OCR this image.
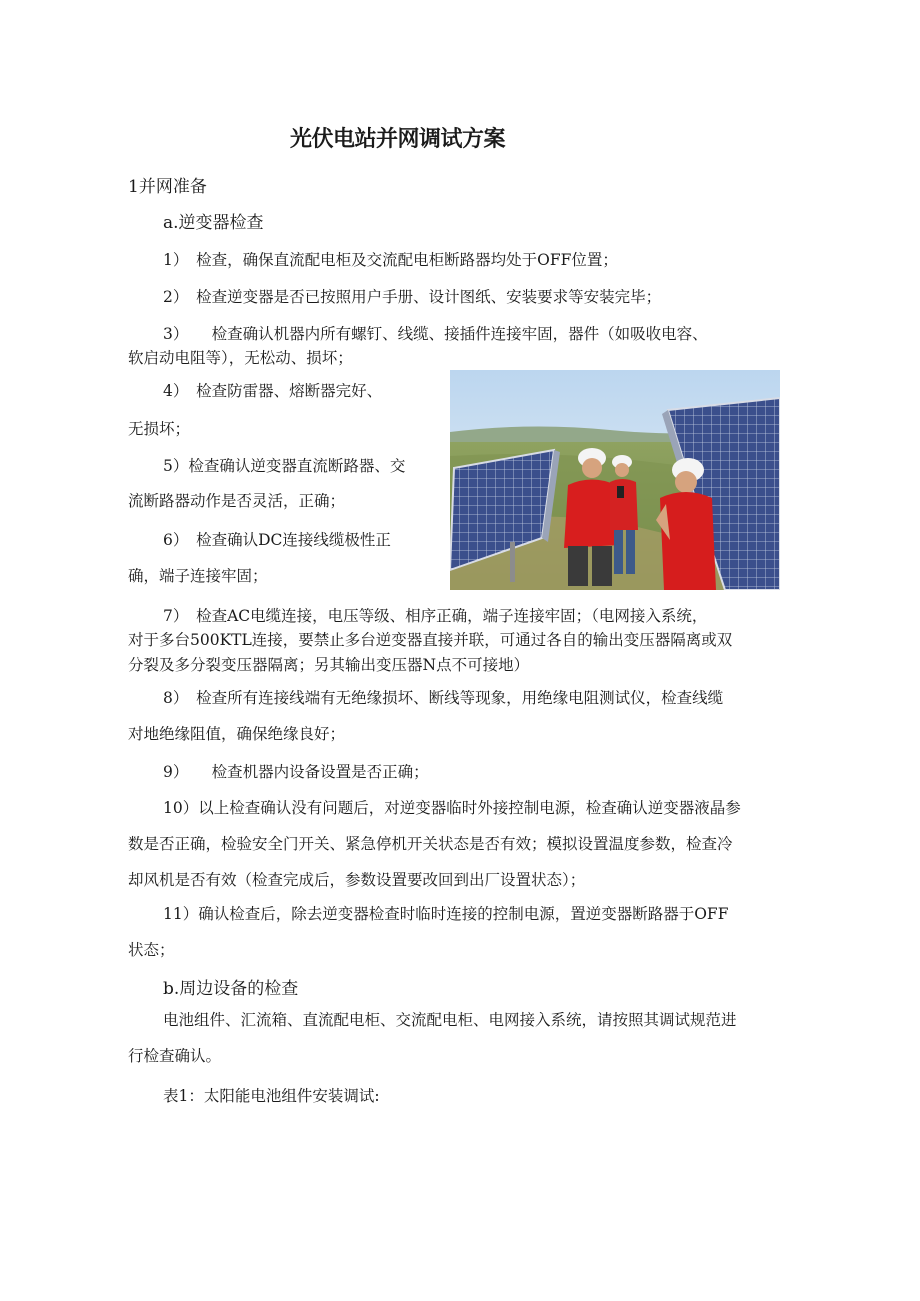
光伏电站并网调试方案
1并网准备
a.逆变器检查
1）　检查，确保直流配电柜及交流配电柜断路器均处于OFF位置；
2）　检查逆变器是否已按照用户手册、设计图纸、安装要求等安装完毕；
3）　　检查确认机器内所有螺钉、线缆、接插件连接牢固，器件（如吸收电容、
软启动电阻等），无松动、损坏；
4）　检查防雷器、熔断器完好、
无损坏；
5）检查确认逆变器直流断路器、交
流断路器动作是否灵活，正确；
6）　检查确认DC连接线缆极性正
确，端子连接牢固；
7）　检查AC电缆连接，电压等级、相序正确，端子连接牢固；（电网接入系统，
对于多台500KTL连接，要禁止多台逆变器直接并联，可通过各自的输出变压器隔离或双
分裂及多分裂变压器隔离；另其输出变压器N点不可接地）
8）　检查所有连接线端有无绝缘损坏、断线等现象，用绝缘电阻测试仪，检查线缆
对地绝缘阻值，确保绝缘良好；
9）　　检查机器内设备设置是否正确；
10）以上检查确认没有问题后，对逆变器临时外接控制电源，检查确认逆变器液晶参
数是否正确，检验安全门开关、紧急停机开关状态是否有效；模拟设置温度参数，检查冷
却风机是否有效（检查完成后，参数设置要改回到出厂设置状态）；
11）确认检查后，除去逆变器检查时临时连接的控制电源，置逆变器断路器于OFF
状态；
b.周边设备的检查
电池组件、汇流箱、直流配电柜、交流配电柜、电网接入系统，请按照其调试规范进
行检查确认。
表1：太阳能电池组件安装调试:
